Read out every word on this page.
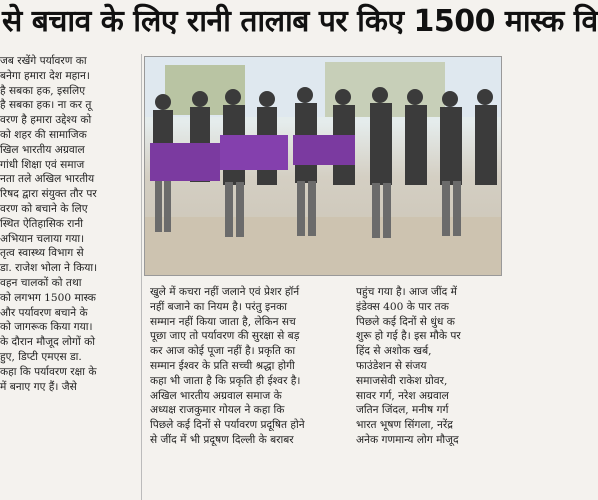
से बचाव के लिए रानी तालाब पर किए 1500 मास्क वि
जब रखेंगे पर्यावरण का
बनेगा हमारा देश महान।
है सबका हक, इसलिए
है सबका हक। ना कर तू
वरण है हमारा उद्देश्य को
को शहर की सामाजिक
खिल भारतीय अग्रवाल
गांधी शिक्षा एवं समाज
नता तले अखिल भारतीय
रिषद द्वारा संयुक्त तौर पर
वरण को बचाने के लिए
स्थित ऐतिहासिक रानी
अभियान चलाया गया।
तृत्व स्वास्थ्य विभाग से
डा. राजेश भोला ने किया।
वहन चालकों को तथा
को लगभग 1500 मास्क
और पर्यावरण बचाने के
को जागरूक किया गया।
के दौरान मौजूद लोगों को
हुए, डिप्टी एमएस डा.
कहा कि पर्यावरण रक्षा के
में बनाए गए हैं। जैसे
खुले में कचरा नहीं जलाने एवं प्रेशर हॉर्न
नहीं बजाने का नियम है। परंतु इनका
सम्मान नहीं किया जाता है, लेकिन सच
पूछा जाए तो पर्यावरण की सुरक्षा से बड़
कर आज कोई पूजा नहीं है। प्रकृति का
सम्मान ईश्वर के प्रति सच्ची श्रद्धा होगी
कहा भी जाता है कि प्रकृति ही ईश्वर है।
अखिल भारतीय अग्रवाल समाज के
अध्यक्ष राजकुमार गोयल ने कहा कि
पिछले कई दिनों से पर्यावरण प्रदूषित होने
से जींद में भी प्रदूषण दिल्ली के बराबर
पहुंच गया है। आज जींद में
इंडेक्स 400 के पार तक
पिछले कई दिनों से धुंध क
शुरू हो गई है। इस मौके पर
हिंद से अशोक खर्ब,
फाउंडेशन से संजय
समाजसेवी राकेश ग्रोवर,
सावर गर्ग, नरेश अग्रवाल
जतिन जिंदल, मनीष गर्ग
भारत भूषण सिंगला, नरेंद्र
अनेक गणमान्य लोग मौजूद
